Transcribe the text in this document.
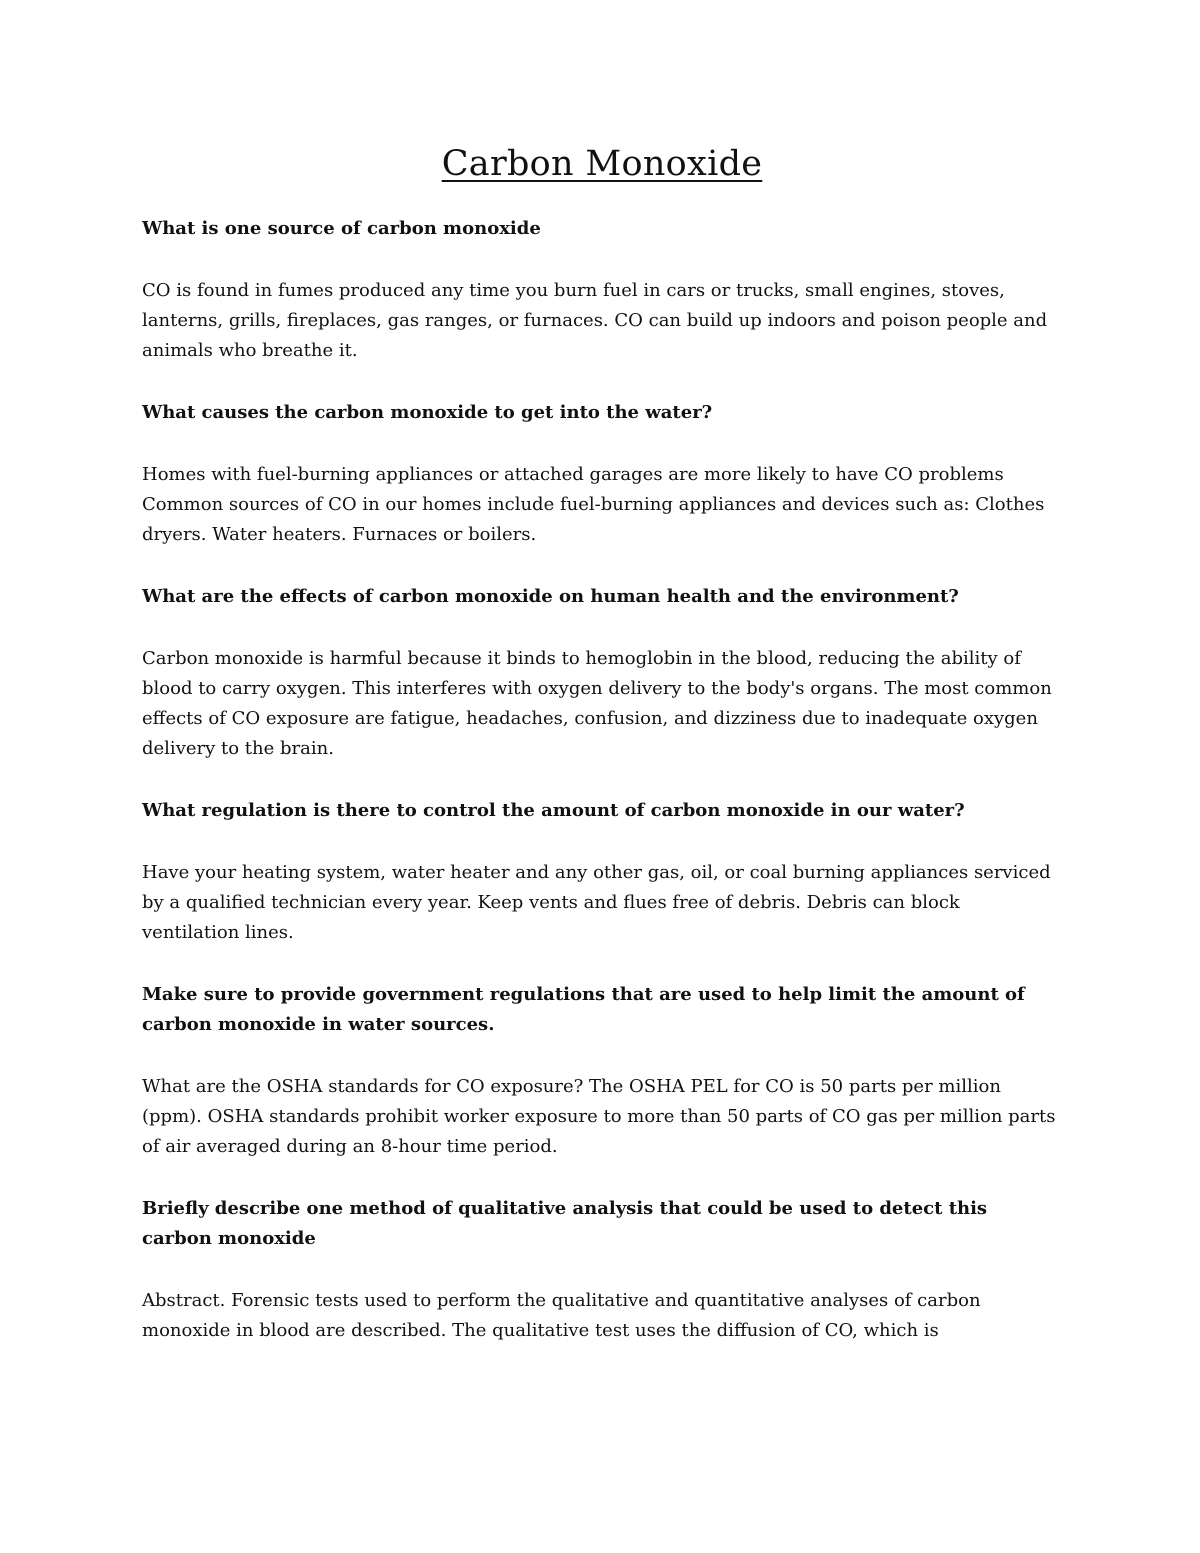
Carbon Monoxide

What is one source of carbon monoxide

CO is found in fumes produced any time you burn fuel in cars or trucks, small engines, stoves, lanterns, grills, fireplaces, gas ranges, or furnaces. CO can build up indoors and poison people and animals who breathe it.

What causes the carbon monoxide to get into the water?

Homes with fuel-burning appliances or attached garages are more likely to have CO problems Common sources of CO in our homes include fuel-burning appliances and devices such as: Clothes dryers. Water heaters. Furnaces or boilers.

What are the effects of carbon monoxide on human health and the environment?

Carbon monoxide is harmful because it binds to hemoglobin in the blood, reducing the ability of blood to carry oxygen. This interferes with oxygen delivery to the body's organs. The most common effects of CO exposure are fatigue, headaches, confusion, and dizziness due to inadequate oxygen delivery to the brain.

What regulation is there to control the amount of carbon monoxide in our water?

Have your heating system, water heater and any other gas, oil, or coal burning appliances serviced by a qualified technician every year. Keep vents and flues free of debris. Debris can block ventilation lines.

Make sure to provide government regulations that are used to help limit the amount of carbon monoxide in water sources.

What are the OSHA standards for CO exposure? The OSHA PEL for CO is 50 parts per million (ppm). OSHA standards prohibit worker exposure to more than 50 parts of CO gas per million parts of air averaged during an 8-hour time period.

Briefly describe one method of qualitative analysis that could be used to detect this carbon monoxide

Abstract. Forensic tests used to perform the qualitative and quantitative analyses of carbon monoxide in blood are described. The qualitative test uses the diffusion of CO, which is
